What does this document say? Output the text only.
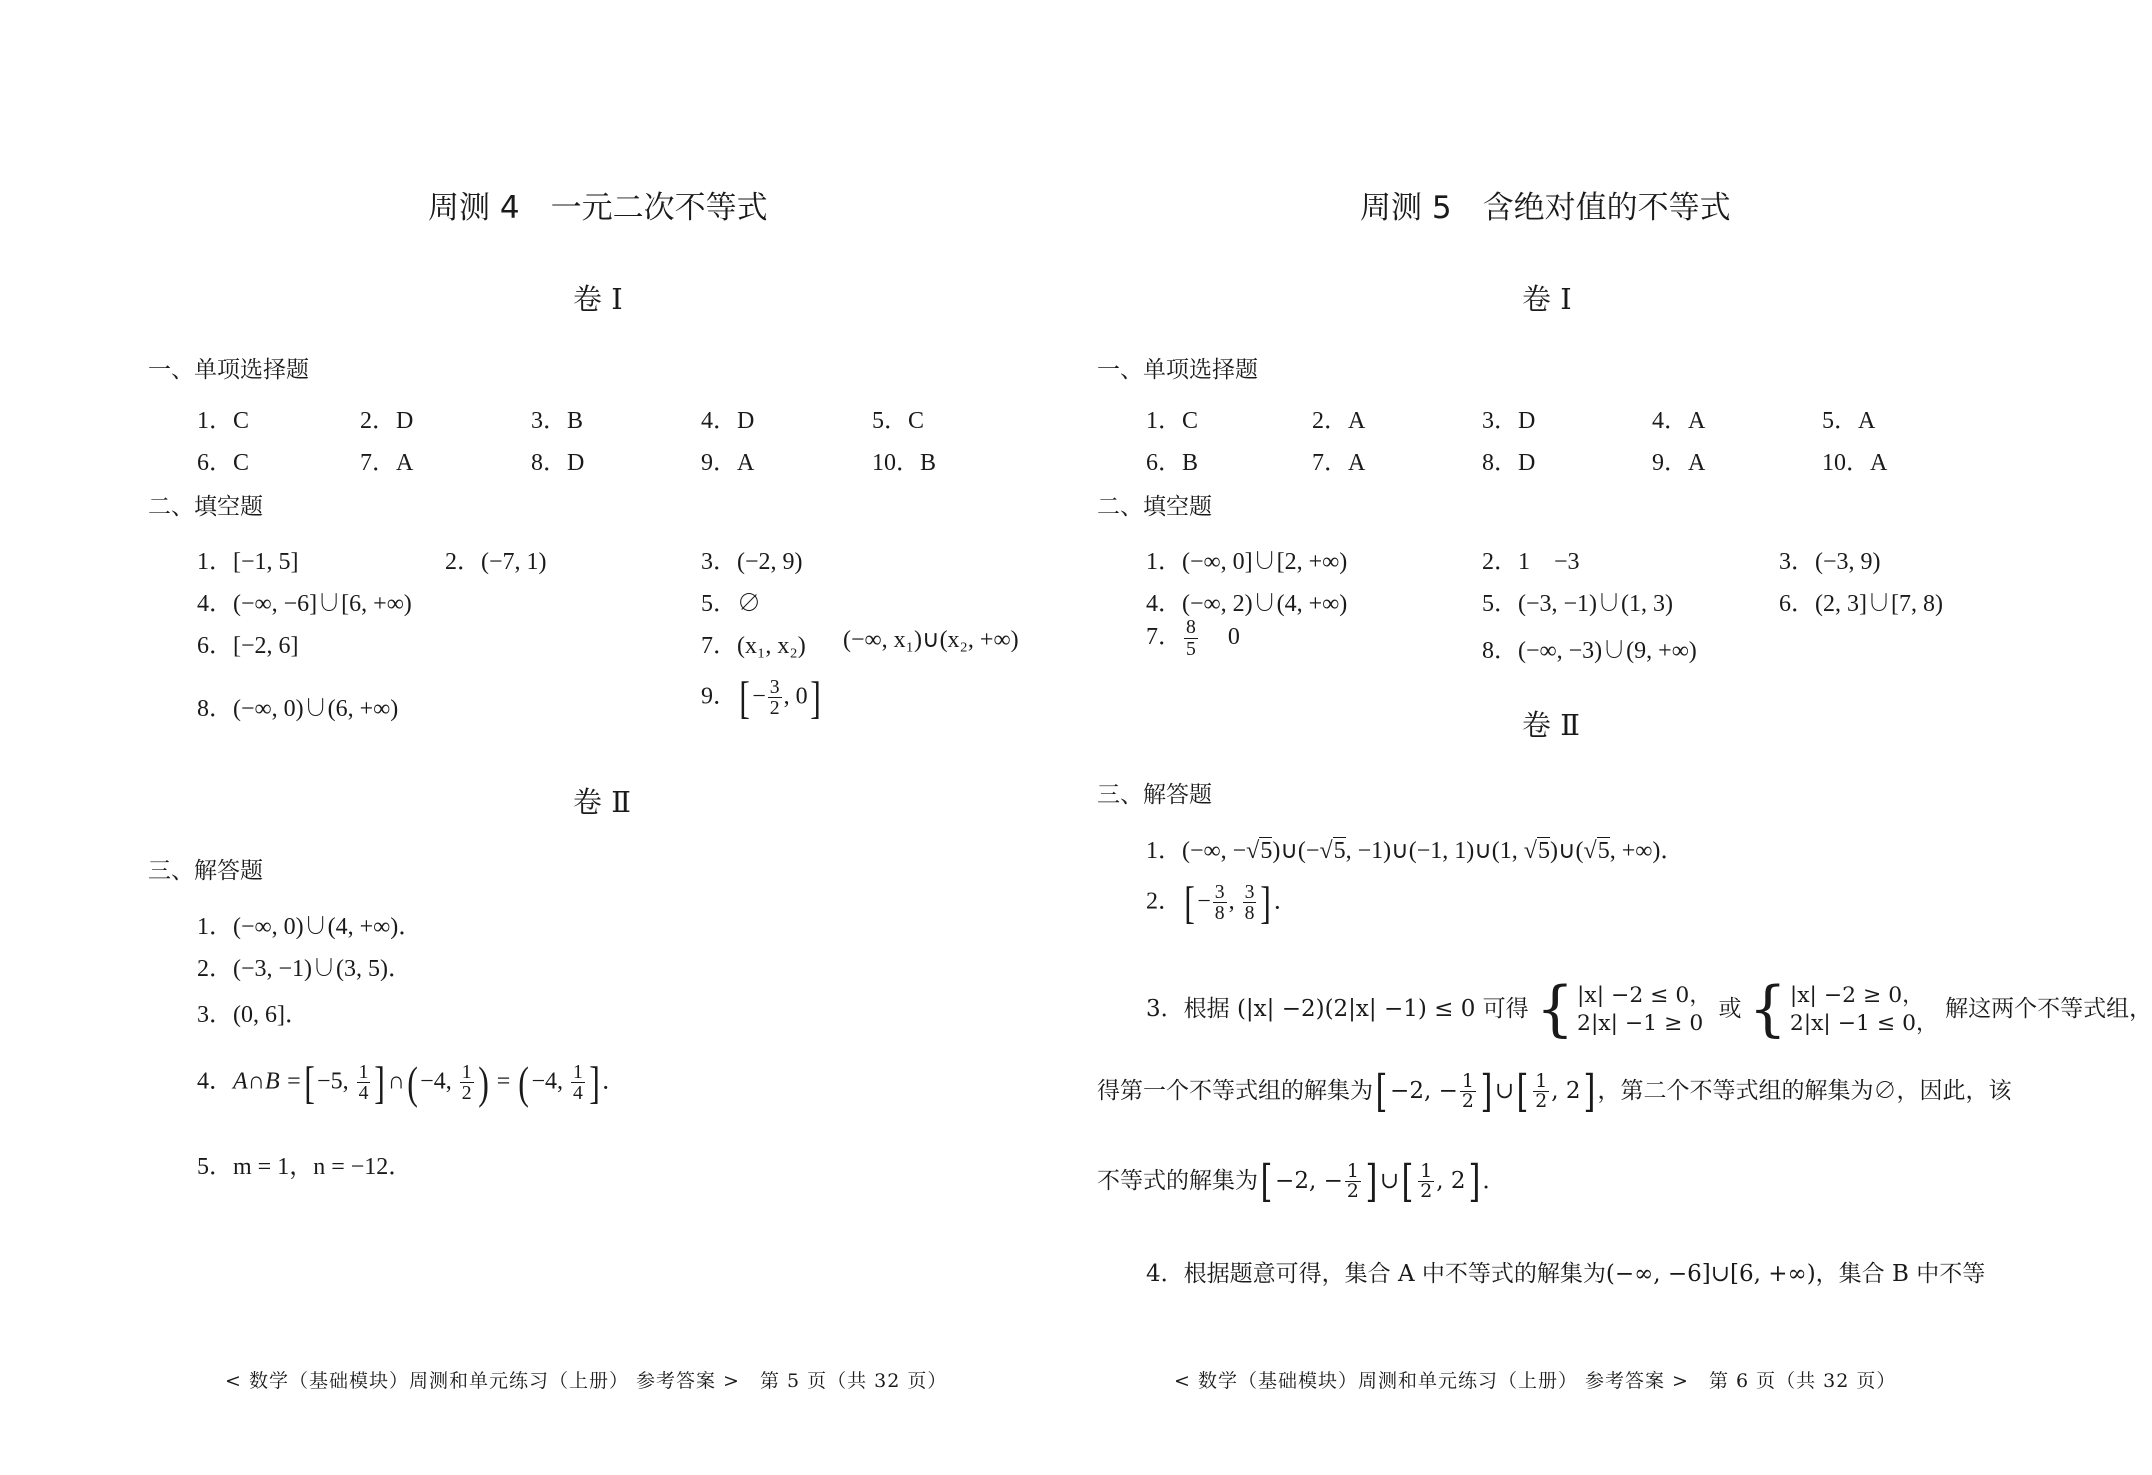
周测 4　一元二次不等式
卷 Ⅰ
一、单项选择题
1．C	2．D	3．B	4．D	5．C
6．C	7．A	8．D	9．A	10．B
二、填空题
1．[−1, 5]	2．(−7, 1)	3．(−2, 9)
4．(−∞, −6]∪[6, +∞)	5．∅
6．[−2, 6]	7．(x₁, x₂) (−∞, x₁)∪(x₂, +∞)
8．(−∞, 0)∪(6, +∞)	9．[− $\frac{3}{2}$ , 0]
卷 Ⅱ
三、解答题
1．(−∞, 0)∪(4, +∞)．
2．(−3, −1)∪(3, 5)．
3．(0, 6]．
4．A∩B =[−5, $\frac{1}{4}$ ]∩(−4, $\frac{1}{2}$ ) = (−4, $\frac{1}{4}$ ]．
5．m = 1，n = −12．
< 数学（基础模块）周测和单元练习（上册） 参考答案 >　第 5 页（共 32 页）
周测 5　含绝对值的不等式
卷 Ⅰ
一、单项选择题
1．C	2．A	3．D	4．A	5．A
6．B	7．A	8．D	9．A	10．A
二、填空题
1．(−∞, 0]∪[2, +∞)	2．1　−3	3．(−3, 9)
4．(−∞, 2)∪(4, +∞)	5．(−3, −1)∪(1, 3)	6．(2, 3]∪[7, 8)
7． $\frac{8}{5} 0$
8．(−∞, −3)∪(9, +∞)
卷 Ⅱ
三、解答题
1．(−∞, −√5)∪(−√5, −1)∪(−1, 1)∪(1, √5)∪(√5, +∞)．
2．[− $\frac{3}{8}$ , $\frac{3}{8}$ ]．
3．根据 (|x| −2)(2|x| −1) ≤ 0 可得 { |x| −2 ≤ 0，
2|x| −1 ≥ 0
或 { |x| −2 ≥ 0，
2|x| −1 ≤ 0，
解这两个不等式组，
得第一个不等式组的解集为[ −2, − $\frac{1}{2}$ ] ∪[ $\frac{1}{2}$ , 2] ，第二个不等式组的解集为∅，因此，该
不等式的解集为[ −2, − $\frac{1}{2}$ ] ∪[ $\frac{1}{2}$ , 2] ．
4．根据题意可得，集合 A 中不等式的解集为(−∞, −6]∪[6, +∞)，集合 B 中不等
< 数学（基础模块）周测和单元练习（上册） 参考答案 >　第 6 页（共 32 页）
